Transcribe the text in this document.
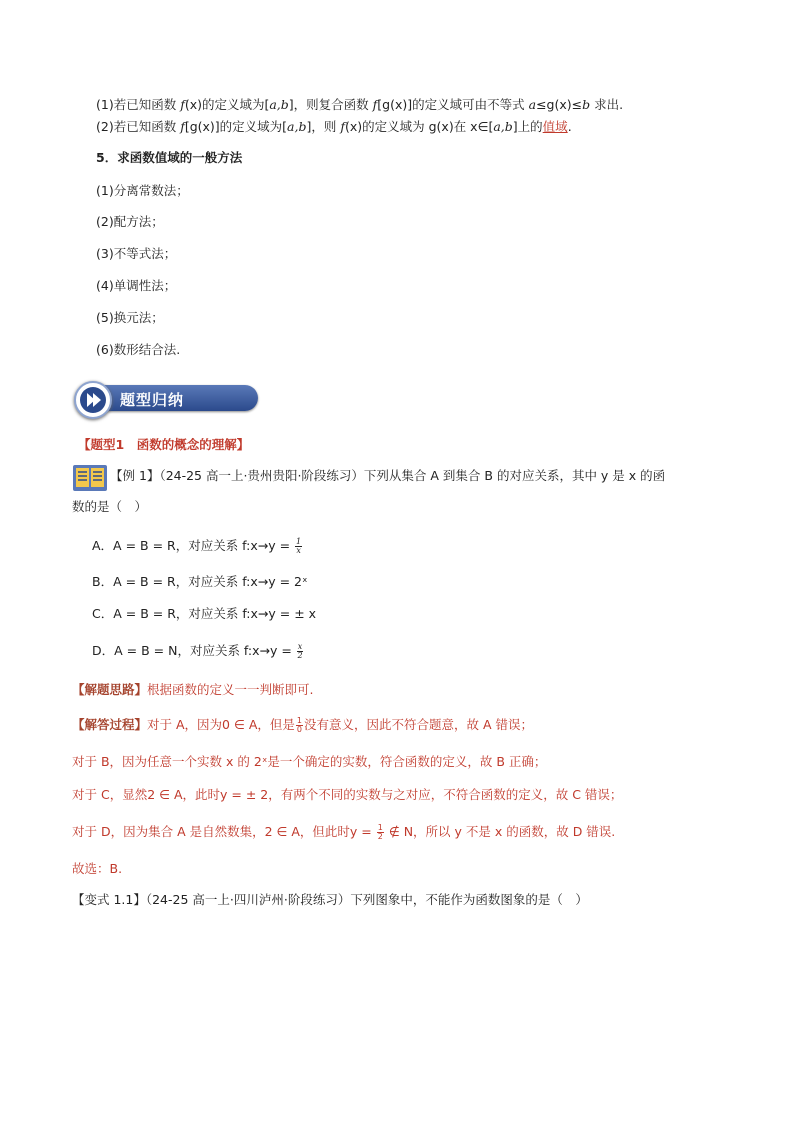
(1)若已知函数 f(x)的定义域为[a,b]，则复合函数 f[g(x)]的定义域可由不等式 a≤g(x)≤b 求出.
(2)若已知函数 f[g(x)]的定义域为[a,b]，则 f(x)的定义域为 g(x)在 x∈[a,b]上的值域.
5．求函数值域的一般方法
(1)分离常数法；
(2)配方法；
(3)不等式法；
(4)单调性法；
(5)换元法；
(6)数形结合法.
题型归纳
【题型1　函数的概念的理解】
【例 1】（24-25 高一上·贵州贵阳·阶段练习）下列从集合 A 到集合 B 的对应关系，其中 y 是 x 的函
数的是（　）
A．A = B = R，对应关系 f:x→y = $\frac{1}{x}$
B．A = B = R，对应关系 f:x→y = 2ˣ
C．A = B = R，对应关系 f:x→y = ± x
D．A = B = N，对应关系 f:x→y = $\frac{x}{2}$
【解题思路】根据函数的定义一一判断即可.
【解答过程】对于 A，因为0 ∈ A，但是 $\frac{1}{0}$ 没有意义，因此不符合题意，故 A 错误；
对于 B，因为任意一个实数 x 的 2ˣ是一个确定的实数，符合函数的定义，故 B 正确；
对于 C，显然2 ∈ A，此时y = ± 2，有两个不同的实数与之对应，不符合函数的定义，故 C 错误；
对于 D，因为集合 A 是自然数集，2 ∈ A，但此时$y = \frac{1}{2}$ ∉ N，所以 y 不是 x 的函数，故 D 错误.
故选：B.
【变式 1.1】（24-25 高一上·四川泸州·阶段练习）下列图象中，不能作为函数图象的是（　）
